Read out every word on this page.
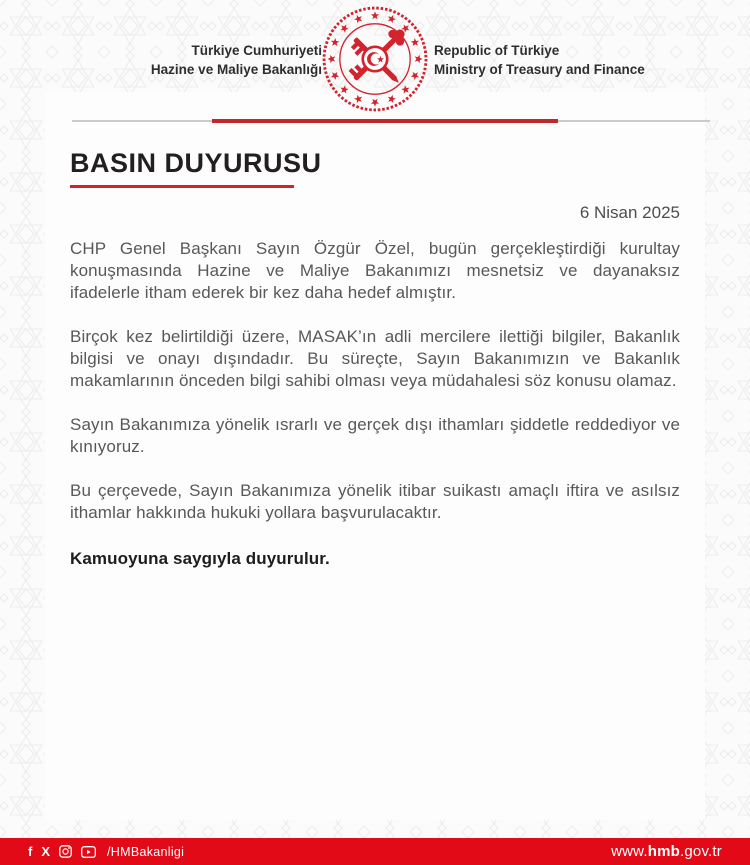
Türkiye Cumhuriyeti
Hazine ve Maliye Bakanlığı
Republic of Türkiye
Ministry of Treasury and Finance
BASIN DUYURUSU
6 Nisan 2025

CHP Genel Başkanı Sayın Özgür Özel, bugün gerçekleştirdiği kurultay konuşmasında Hazine ve Maliye Bakanımızı mesnetsiz ve dayanaksız ifadelerle itham ederek bir kez daha hedef almıştır.

Birçok kez belirtildiği üzere, MASAK’ın adli mercilere ilettiği bilgiler, Bakanlık bilgisi ve onayı dışındadır. Bu süreçte, Sayın Bakanımızın ve Bakanlık makamlarının önceden bilgi sahibi olması veya müdahalesi söz konusu olamaz.

Sayın Bakanımıza yönelik ısrarlı ve gerçek dışı ithamları şiddetle reddediyor ve kınıyoruz.

Bu çerçevede, Sayın Bakanımıza yönelik itibar suikastı amaçlı iftira ve asılsız ithamlar hakkında hukuki yollara başvurulacaktır.

Kamuoyuna saygıyla duyurulur.

f X	/HMBakanligi	www.hmb.gov.tr
